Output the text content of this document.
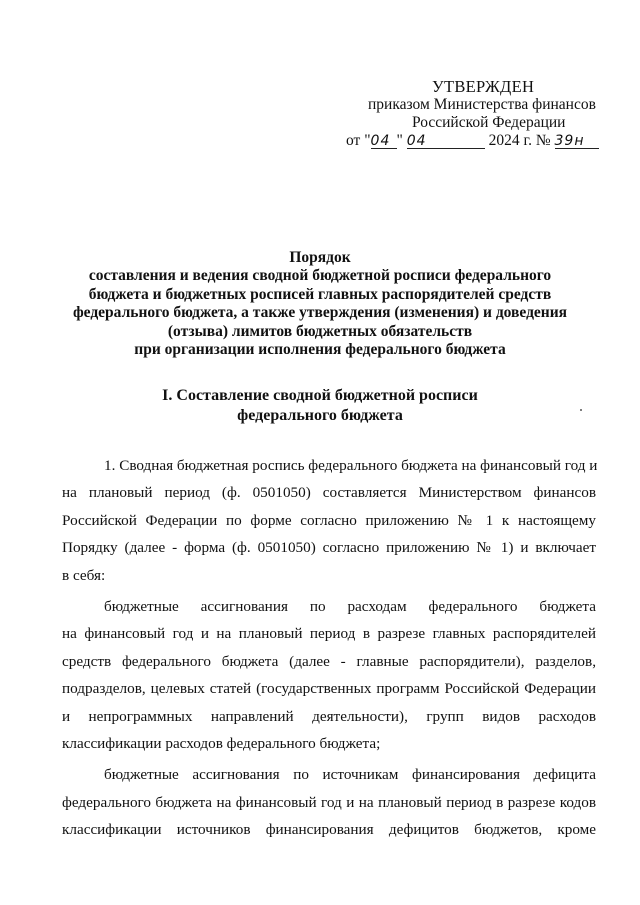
УТВЕРЖДЕН
приказом Министерства финансов
Российской Федерации
от "04 " 04	2024 г. № 39н
Порядок
составления и ведения сводной бюджетной росписи федерального
бюджета и бюджетных росписей главных распорядителей средств
федерального бюджета, а также утверждения (изменения) и доведения
(отзыва) лимитов бюджетных обязательств
при организации исполнения федерального бюджета
I. Составление сводной бюджетной росписи
федерального бюджета
1. Сводная бюджетная роспись федерального бюджета на финансовый год и
на плановый период (ф. 0501050) составляется Министерством финансов
Российской Федерации по форме согласно приложению № 1 к настоящему
Порядку (далее - форма (ф. 0501050) согласно приложению № 1) и включает
в себя:
бюджетные ассигнования по расходам федерального бюджета
на финансовый год и на плановый период в разрезе главных распорядителей
средств федерального бюджета (далее - главные распорядители), разделов,
подразделов, целевых статей (государственных программ Российской Федерации
и непрограммных направлений деятельности), групп видов расходов
классификации расходов федерального бюджета;
бюджетные ассигнования по источникам финансирования дефицита
федерального бюджета на финансовый год и на плановый период в разрезе кодов
классификации источников финансирования дефицитов бюджетов, кроме
